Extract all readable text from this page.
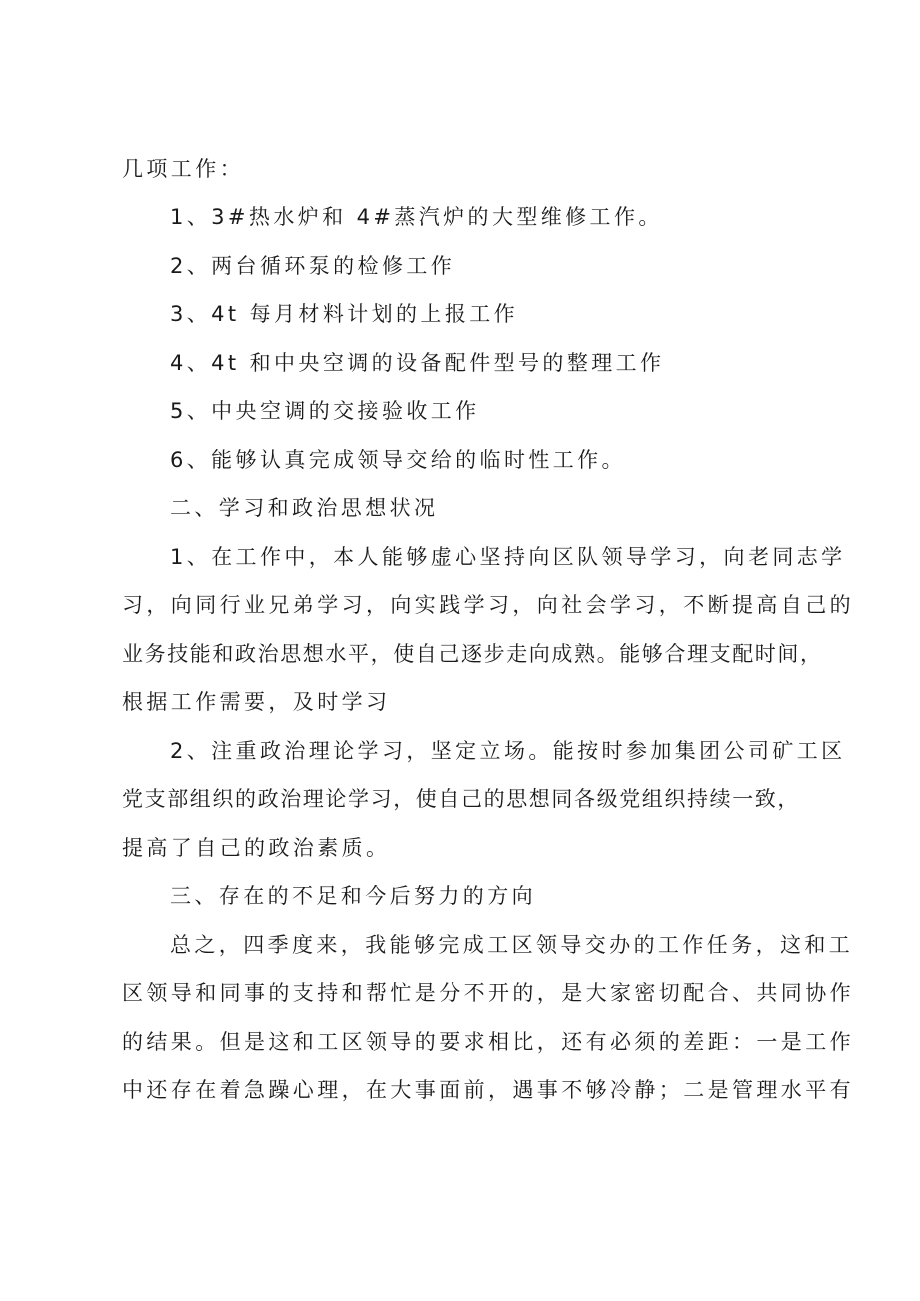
几项工作：
1、3#热水炉和 4#蒸汽炉的大型维修工作。
2、两台循环泵的检修工作
3、4t 每月材料计划的上报工作
4、4t 和中央空调的设备配件型号的整理工作
5、中央空调的交接验收工作
6、能够认真完成领导交给的临时性工作。
二、学习和政治思想状况
1、在工作中，本人能够虚心坚持向区队领导学习，向老同志学
习，向同行业兄弟学习，向实践学习，向社会学习，不断提高自己的
业务技能和政治思想水平，使自己逐步走向成熟。能够合理支配时间，
根据工作需要，及时学习
2、注重政治理论学习，坚定立场。能按时参加集团公司矿工区
党支部组织的政治理论学习，使自己的思想同各级党组织持续一致，
提高了自己的政治素质。
三、存在的不足和今后努力的方向
总之，四季度来，我能够完成工区领导交办的工作任务，这和工
区领导和同事的支持和帮忙是分不开的，是大家密切配合、共同协作
的结果。但是这和工区领导的要求相比，还有必须的差距：一是工作
中还存在着急躁心理，在大事面前，遇事不够冷静；二是管理水平有
